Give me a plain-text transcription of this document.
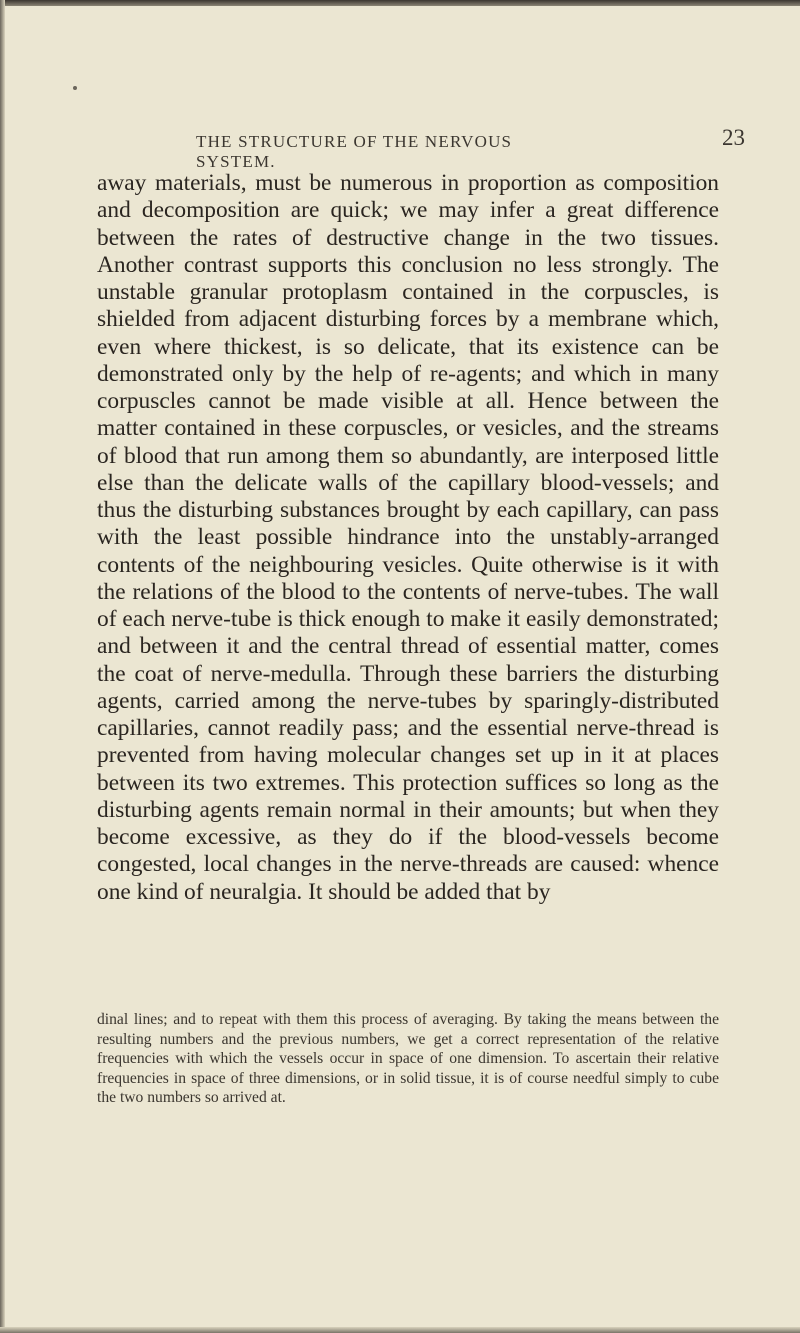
THE STRUCTURE OF THE NERVOUS SYSTEM.
23
away materials, must be numerous in proportion as composition and decomposition are quick; we may infer a great difference between the rates of destructive change in the two tissues. Another contrast supports this conclusion no less strongly. The unstable granular protoplasm contained in the corpuscles, is shielded from adjacent disturbing forces by a membrane which, even where thickest, is so delicate, that its existence can be demonstrated only by the help of re-agents; and which in many corpuscles cannot be made visible at all. Hence between the matter contained in these corpuscles, or vesicles, and the streams of blood that run among them so abundantly, are interposed little else than the delicate walls of the capillary blood-vessels; and thus the disturbing substances brought by each capillary, can pass with the least possible hindrance into the unstably-arranged contents of the neighbouring vesicles. Quite otherwise is it with the relations of the blood to the contents of nerve-tubes. The wall of each nerve-tube is thick enough to make it easily demonstrated; and between it and the central thread of essential matter, comes the coat of nerve-medulla. Through these barriers the disturbing agents, carried among the nerve-tubes by sparingly-distributed capillaries, cannot readily pass; and the essential nerve-thread is prevented from having molecular changes set up in it at places between its two extremes. This protection suffices so long as the disturbing agents remain normal in their amounts; but when they become excessive, as they do if the blood-vessels become congested, local changes in the nerve-threads are caused: whence one kind of neuralgia. It should be added that by
dinal lines; and to repeat with them this process of averaging. By taking the means between the resulting numbers and the previous numbers, we get a correct representation of the relative frequencies with which the vessels occur in space of one dimension. To ascertain their relative frequencies in space of three dimensions, or in solid tissue, it is of course needful simply to cube the two numbers so arrived at.
